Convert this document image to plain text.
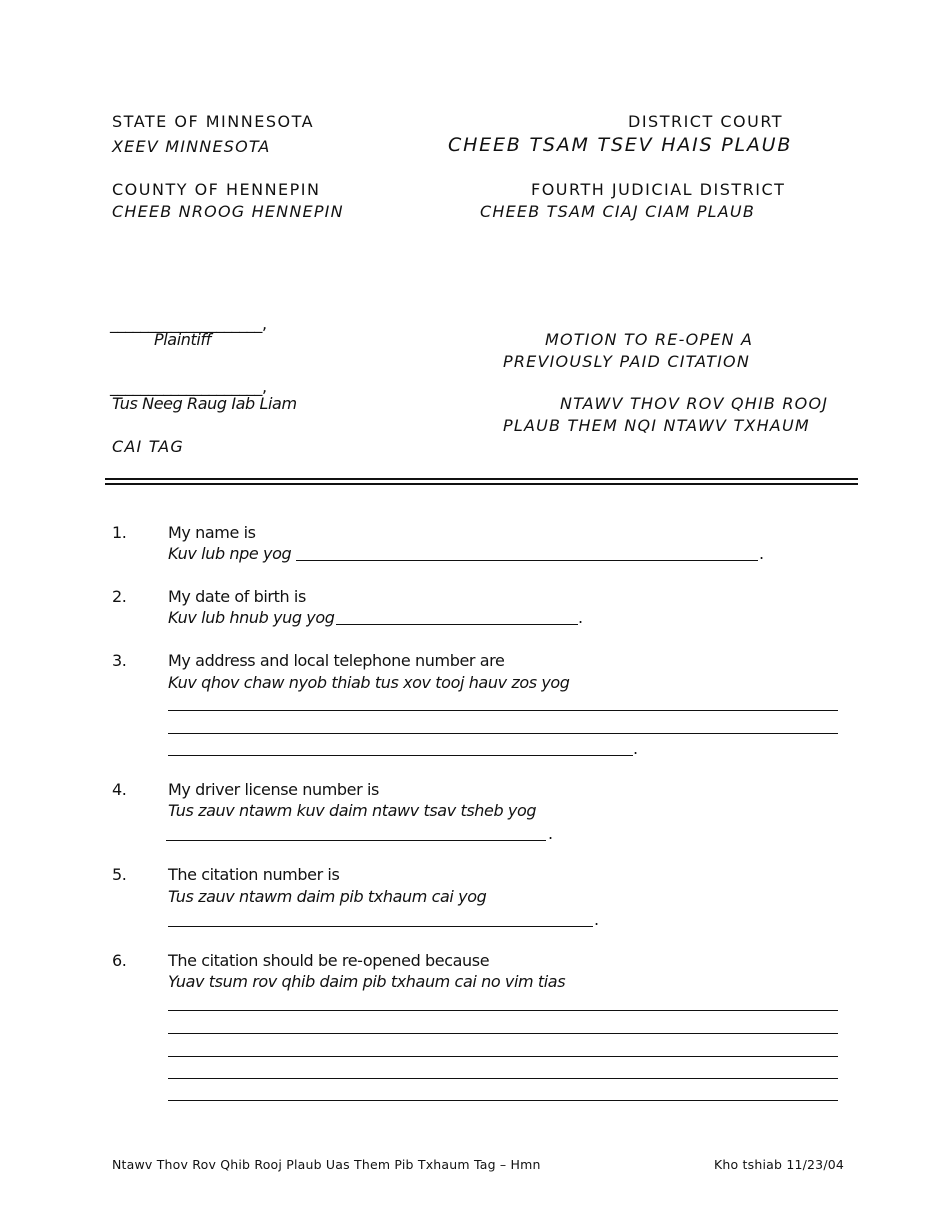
STATE OF MINNESOTA
XEEV MINNESOTA
DISTRICT COURT
CHEEB TSAM TSEV HAIS PLAUB
COUNTY OF HENNEPIN
CHEEB NROOG HENNEPIN
FOURTH JUDICIAL DISTRICT
CHEEB TSAM CIAJ CIAM PLAUB
____________________,
Plaintiff
____________________,
Tus Neeg Raug Iab Liam
CAI TAG
MOTION TO RE-OPEN A
PREVIOUSLY PAID CITATION
NTAWV THOV ROV QHIB ROOJ
PLAUB THEM NQI NTAWV TXHAUM
1.	My name is
Kuv lub npe yog	.
2.	My date of birth is
Kuv lub hnub yug yog	.
3.	My address and local telephone number are
Kuv qhov chaw nyob thiab tus xov tooj hauv zos yog
.
4.	My driver license number is
Tus zauv ntawm kuv daim ntawv tsav tsheb yog
.
5.	The citation number is
Tus zauv ntawm daim pib txhaum cai yog
.
6.	The citation should be re-opened because
Yuav tsum rov qhib daim pib txhaum cai no vim tias
Ntawv Thov Rov Qhib Rooj Plaub Uas Them Pib Txhaum Tag – Hmn	Kho tshiab 11/23/04
